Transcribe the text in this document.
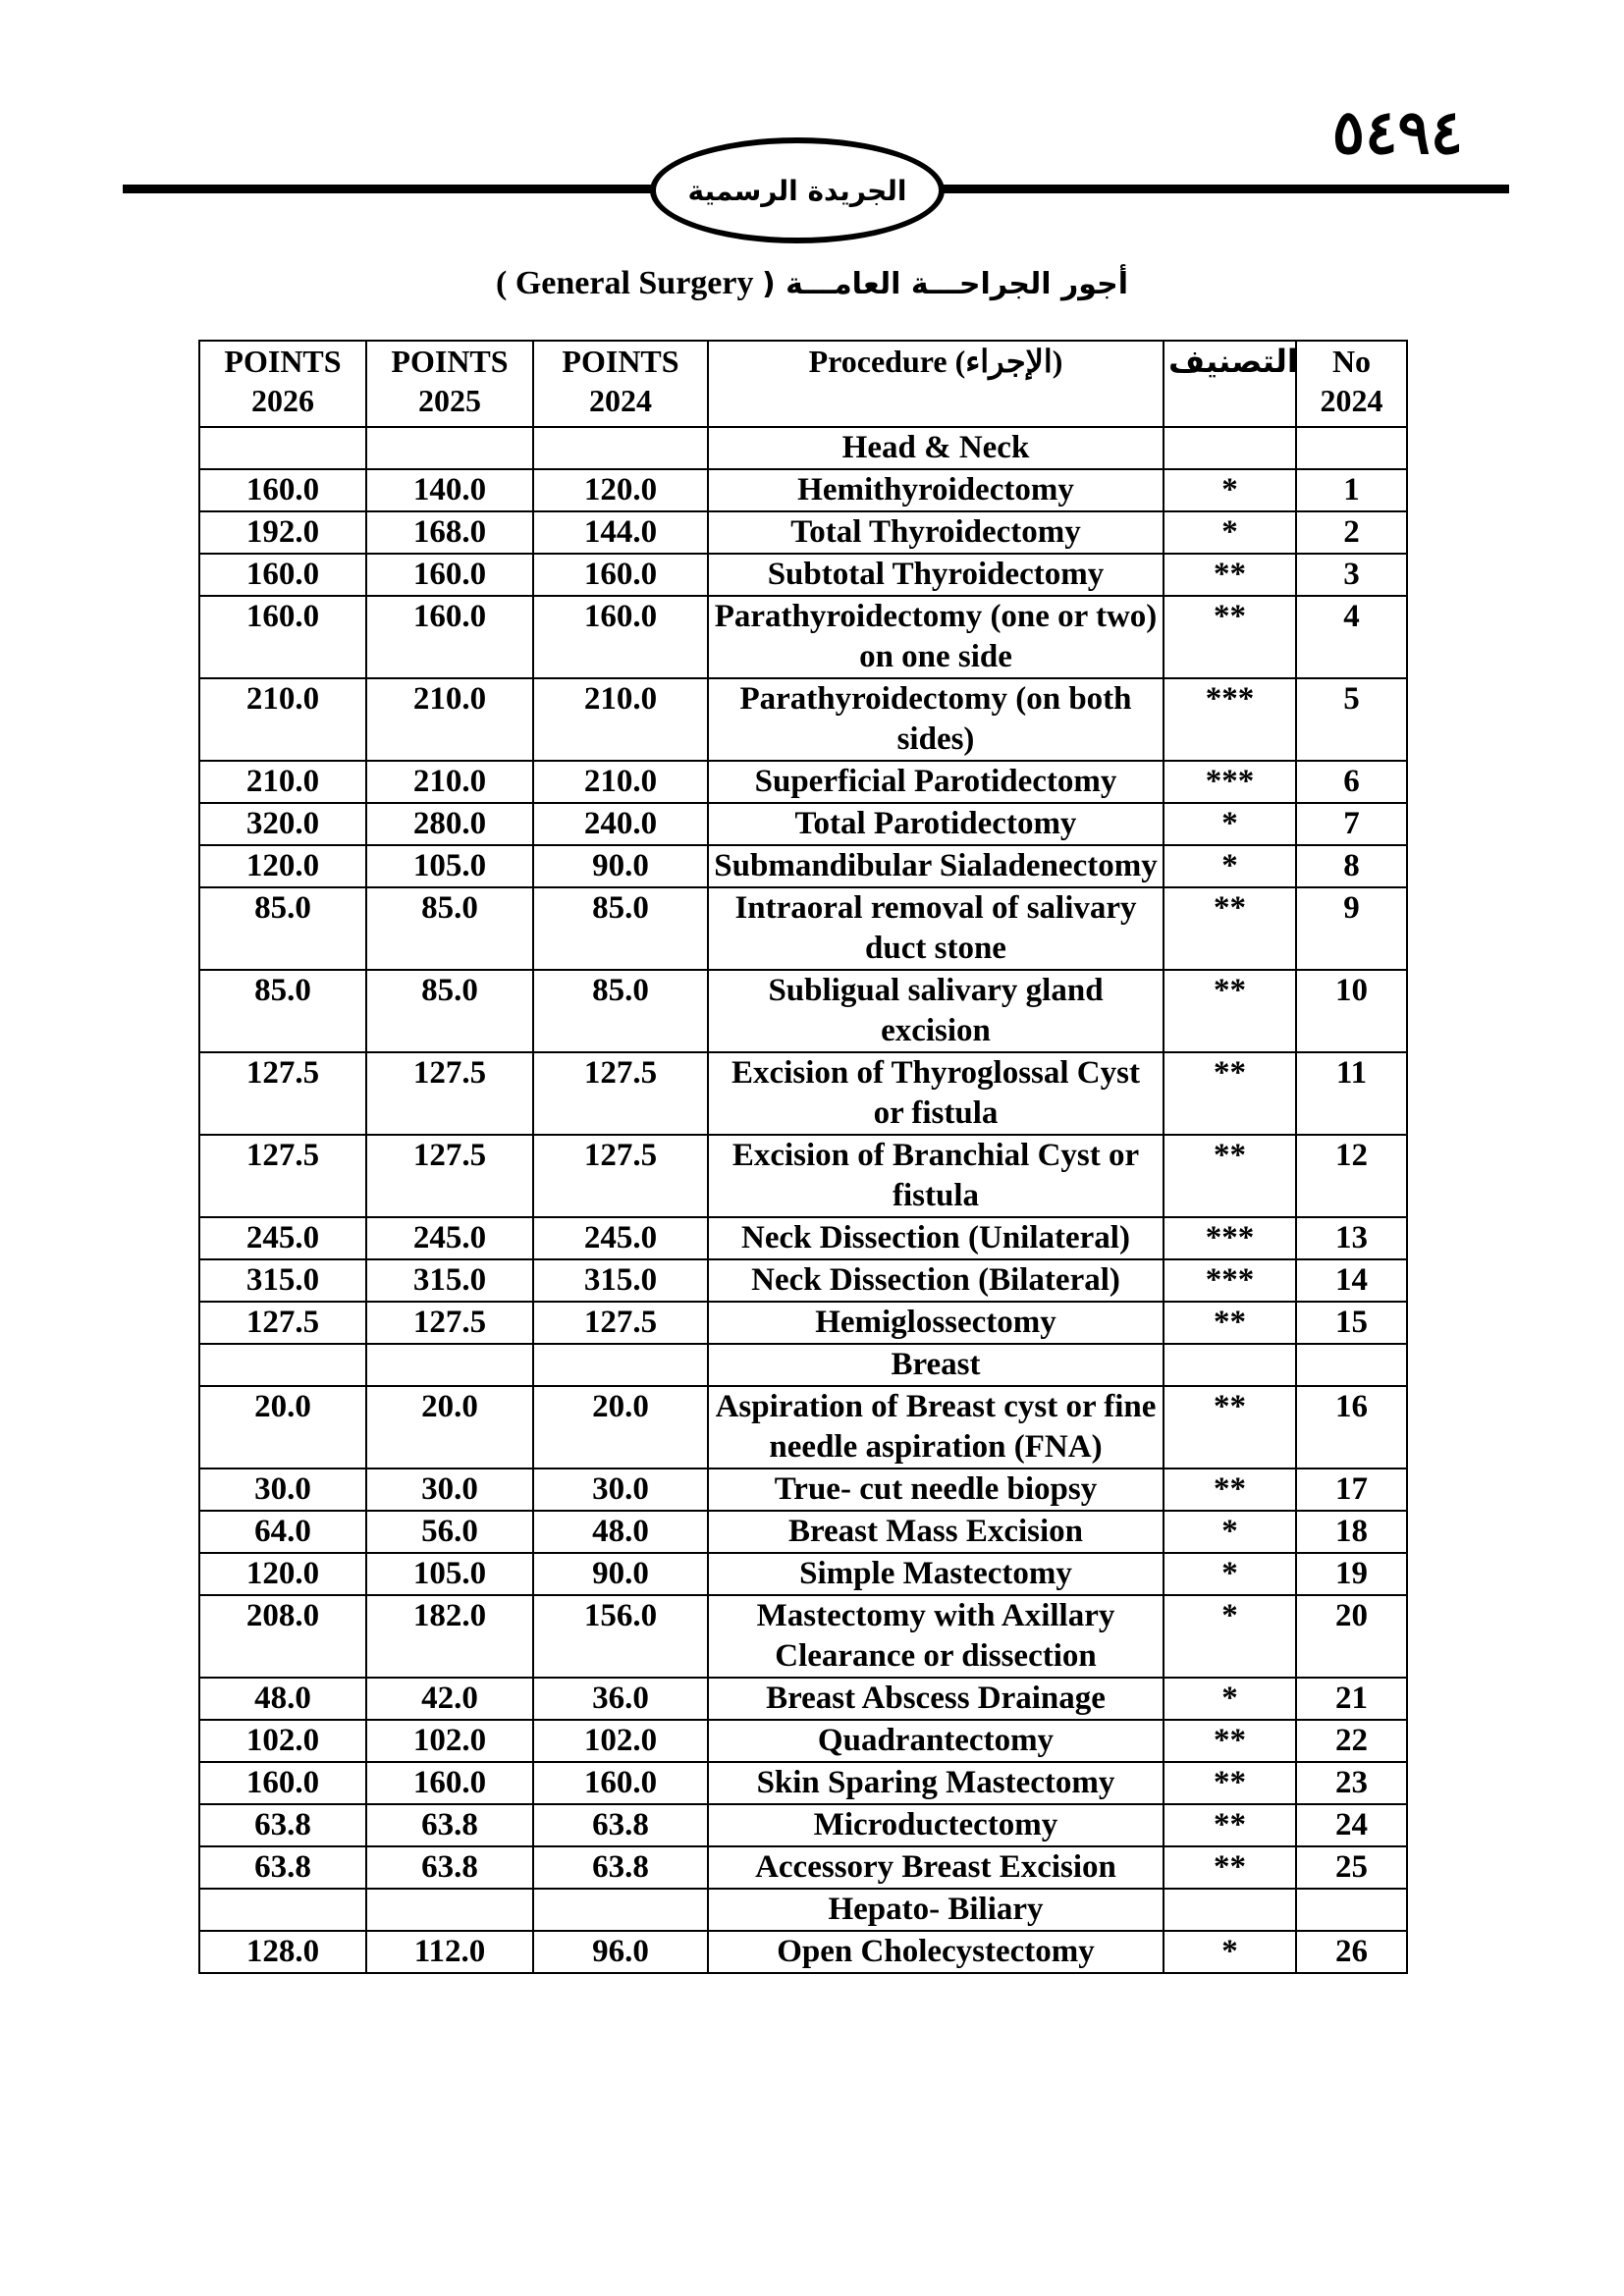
٥٤٩٤
الجريدة الرسمية
( General Surgery أجور الجراحـــة العامـــة (
POINTS 2026	POINTS 2025	POINTS 2024	Procedure (الإجراء)	التصنيف	No 2024
			Head & Neck		
160.0	140.0	120.0	Hemithyroidectomy	*	1
192.0	168.0	144.0	Total Thyroidectomy	*	2
160.0	160.0	160.0	Subtotal Thyroidectomy	**	3
160.0	160.0	160.0	Parathyroidectomy (one or two) on one side	**	4
210.0	210.0	210.0	Parathyroidectomy (on both sides)	***	5
210.0	210.0	210.0	Superficial Parotidectomy	***	6
320.0	280.0	240.0	Total Parotidectomy	*	7
120.0	105.0	90.0	Submandibular Sialadenectomy	*	8
85.0	85.0	85.0	Intraoral removal of salivary duct stone	**	9
85.0	85.0	85.0	Subligual salivary gland excision	**	10
127.5	127.5	127.5	Excision of Thyroglossal Cyst or fistula	**	11
127.5	127.5	127.5	Excision of Branchial Cyst or fistula	**	12
245.0	245.0	245.0	Neck Dissection (Unilateral)	***	13
315.0	315.0	315.0	Neck Dissection (Bilateral)	***	14
127.5	127.5	127.5	Hemiglossectomy	**	15
			Breast		
20.0	20.0	20.0	Aspiration of Breast cyst or fine needle aspiration (FNA)	**	16
30.0	30.0	30.0	True- cut needle biopsy	**	17
64.0	56.0	48.0	Breast Mass Excision	*	18
120.0	105.0	90.0	Simple Mastectomy	*	19
208.0	182.0	156.0	Mastectomy with Axillary Clearance or dissection	*	20
48.0	42.0	36.0	Breast Abscess Drainage	*	21
102.0	102.0	102.0	Quadrantectomy	**	22
160.0	160.0	160.0	Skin Sparing Mastectomy	**	23
63.8	63.8	63.8	Microductectomy	**	24
63.8	63.8	63.8	Accessory Breast Excision	**	25
			Hepato- Biliary		
128.0	112.0	96.0	Open Cholecystectomy	*	26
